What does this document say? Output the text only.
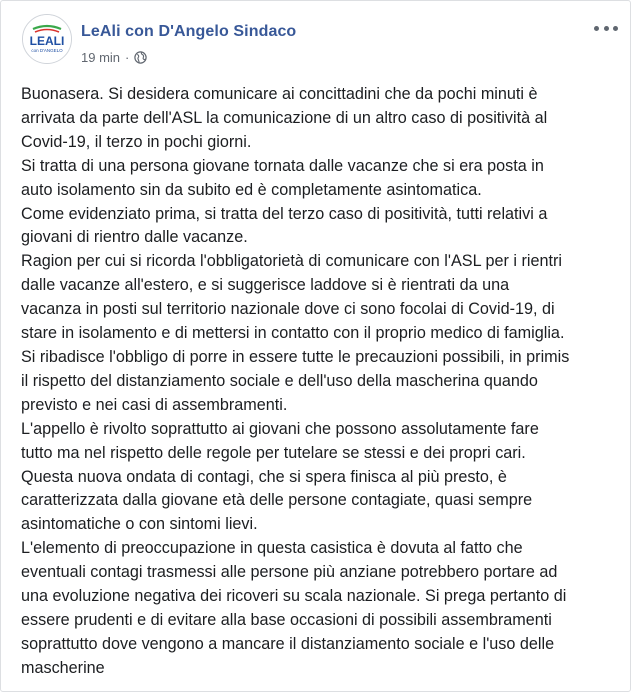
LEALI
con D'ANGELO
LeAli con D'Angelo Sindaco
19 min ·

Buonasera. Si desidera comunicare ai concittadini che da pochi minuti è

arrivata da parte dell'ASL la comunicazione di un altro caso di positività al

Covid-19, il terzo in pochi giorni.

Si tratta di una persona giovane tornata dalle vacanze che si era posta in

auto isolamento sin da subito ed è completamente asintomatica.

Come evidenziato prima, si tratta del terzo caso di positività, tutti relativi a

giovani di rientro dalle vacanze.

Ragion per cui si ricorda l'obbligatorietà di comunicare con l'ASL per i rientri

dalle vacanze all'estero, e si suggerisce laddove si è rientrati da una

vacanza in posti sul territorio nazionale dove ci sono focolai di Covid-19, di

stare in isolamento e di mettersi in contatto con il proprio medico di famiglia.

Si ribadisce l'obbligo di porre in essere tutte le precauzioni possibili, in primis

il rispetto del distanziamento sociale e dell'uso della mascherina quando

previsto e nei casi di assembramenti.

L'appello è rivolto soprattutto ai giovani che possono assolutamente fare

tutto ma nel rispetto delle regole per tutelare se stessi e dei propri cari.

Questa nuova ondata di contagi, che si spera finisca al più presto, è

caratterizzata dalla giovane età delle persone contagiate, quasi sempre

asintomatiche o con sintomi lievi.

L'elemento di preoccupazione in questa casistica è dovuta al fatto che

eventuali contagi trasmessi alle persone più anziane potrebbero portare ad

una evoluzione negativa dei ricoveri su scala nazionale. Si prega pertanto di

essere prudenti e di evitare alla base occasioni di possibili assembramenti

soprattutto dove vengono a mancare il distanziamento sociale e l'uso delle

mascherine
